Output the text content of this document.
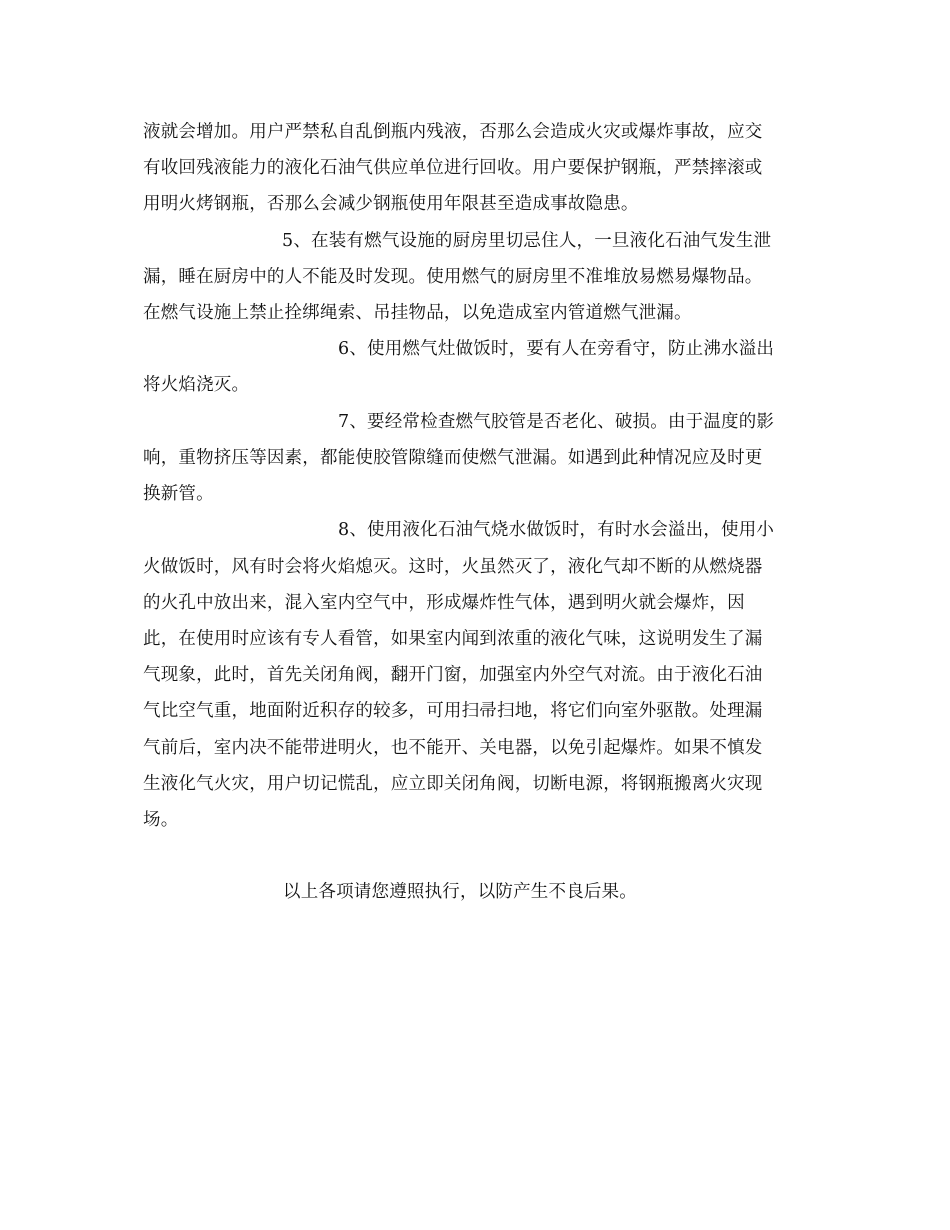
液就会增加。用户严禁私自乱倒瓶内残液，否那么会造成火灾或爆炸事故，应交
有收回残液能力的液化石油气供应单位进行回收。用户要保护钢瓶，严禁摔滚或
用明火烤钢瓶，否那么会减少钢瓶使用年限甚至造成事故隐患。
5、在装有燃气设施的厨房里切忌住人，一旦液化石油气发生泄
漏，睡在厨房中的人不能及时发现。使用燃气的厨房里不准堆放易燃易爆物品。
在燃气设施上禁止拴绑绳索、吊挂物品，以免造成室内管道燃气泄漏。
6、使用燃气灶做饭时，要有人在旁看守，防止沸水溢出
将火焰浇灭。
7、要经常检查燃气胶管是否老化、破损。由于温度的影
响，重物挤压等因素，都能使胶管隙缝而使燃气泄漏。如遇到此种情况应及时更
换新管。
8、使用液化石油气烧水做饭时，有时水会溢出，使用小
火做饭时，风有时会将火焰熄灭。这时，火虽然灭了，液化气却不断的从燃烧器
的火孔中放出来，混入室内空气中，形成爆炸性气体，遇到明火就会爆炸，因
此，在使用时应该有专人看管，如果室内闻到浓重的液化气味，这说明发生了漏
气现象，此时，首先关闭角阀，翻开门窗，加强室内外空气对流。由于液化石油
气比空气重，地面附近积存的较多，可用扫帚扫地，将它们向室外驱散。处理漏
气前后，室内决不能带进明火，也不能开、关电器，以免引起爆炸。如果不慎发
生液化气火灾，用户切记慌乱，应立即关闭角阀，切断电源，将钢瓶搬离火灾现
场。
以上各项请您遵照执行，以防产生不良后果。
